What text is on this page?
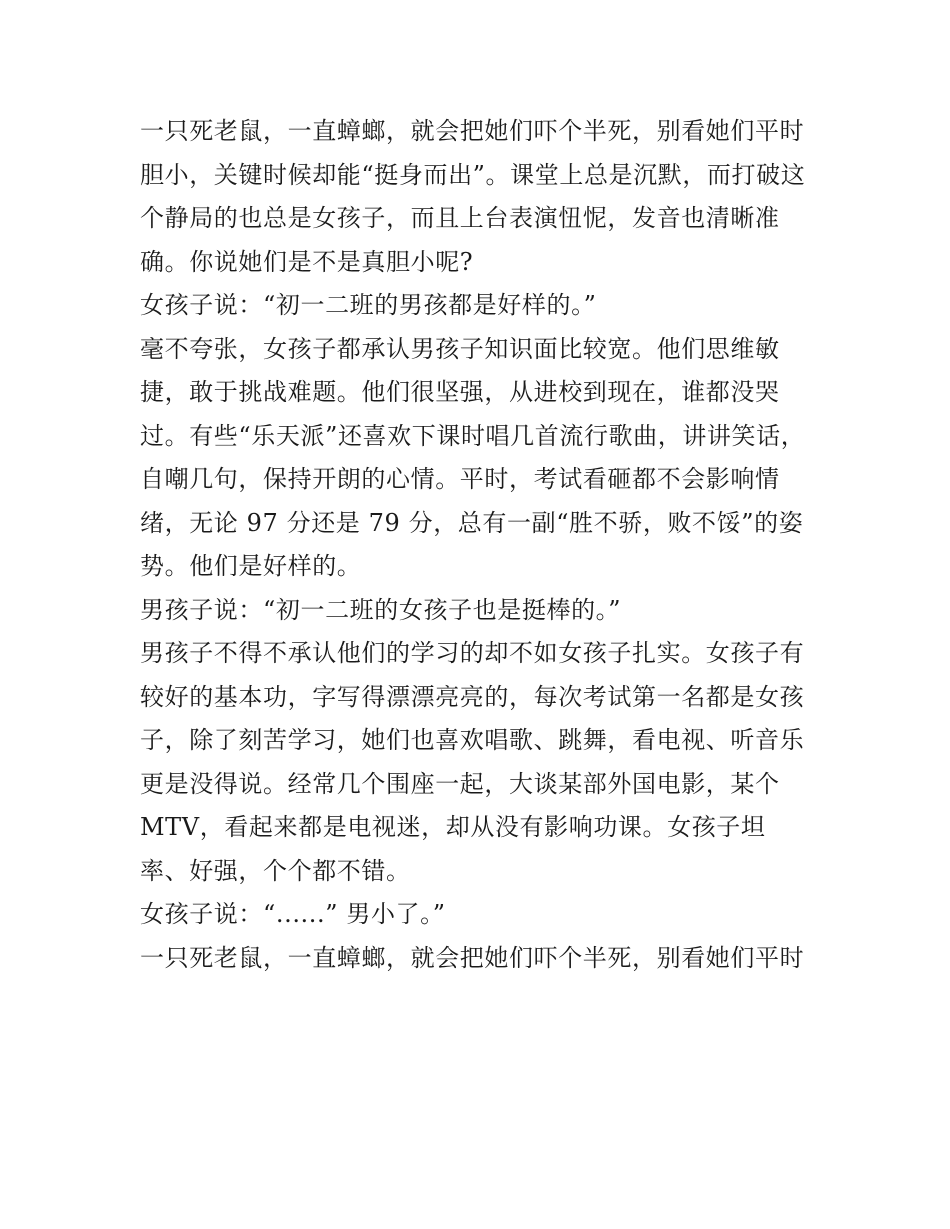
一只死老鼠，一直蟑螂，就会把她们吓个半死，别看她们平时
胆小，关键时候却能“挺身而出”。课堂上总是沉默，而打破这
个静局的也总是女孩子，而且上台表演忸怩，发音也清晰准
确。你说她们是不是真胆小呢?
女孩子说：“初一二班的男孩都是好样的。”
毫不夸张，女孩子都承认男孩子知识面比较宽。他们思维敏
捷，敢于挑战难题。他们很坚强，从进校到现在，谁都没哭
过。有些“乐天派”还喜欢下课时唱几首流行歌曲，讲讲笑话，
自嘲几句，保持开朗的心情。平时，考试看砸都不会影响情
绪，无论 97 分还是 79 分，总有一副“胜不骄，败不馁”的姿
势。他们是好样的。
男孩子说：“初一二班的女孩子也是挺棒的。”
男孩子不得不承认他们的学习的却不如女孩子扎实。女孩子有
较好的基本功，字写得漂漂亮亮的，每次考试第一名都是女孩
子，除了刻苦学习，她们也喜欢唱歌、跳舞，看电视、听音乐
更是没得说。经常几个围座一起，大谈某部外国电影，某个
MTV，看起来都是电视迷，却从没有影响功课。女孩子坦
率、好强，个个都不错。
女孩子说：“......” 男小了。”
一只死老鼠，一直蟑螂，就会把她们吓个半死，别看她们平时
